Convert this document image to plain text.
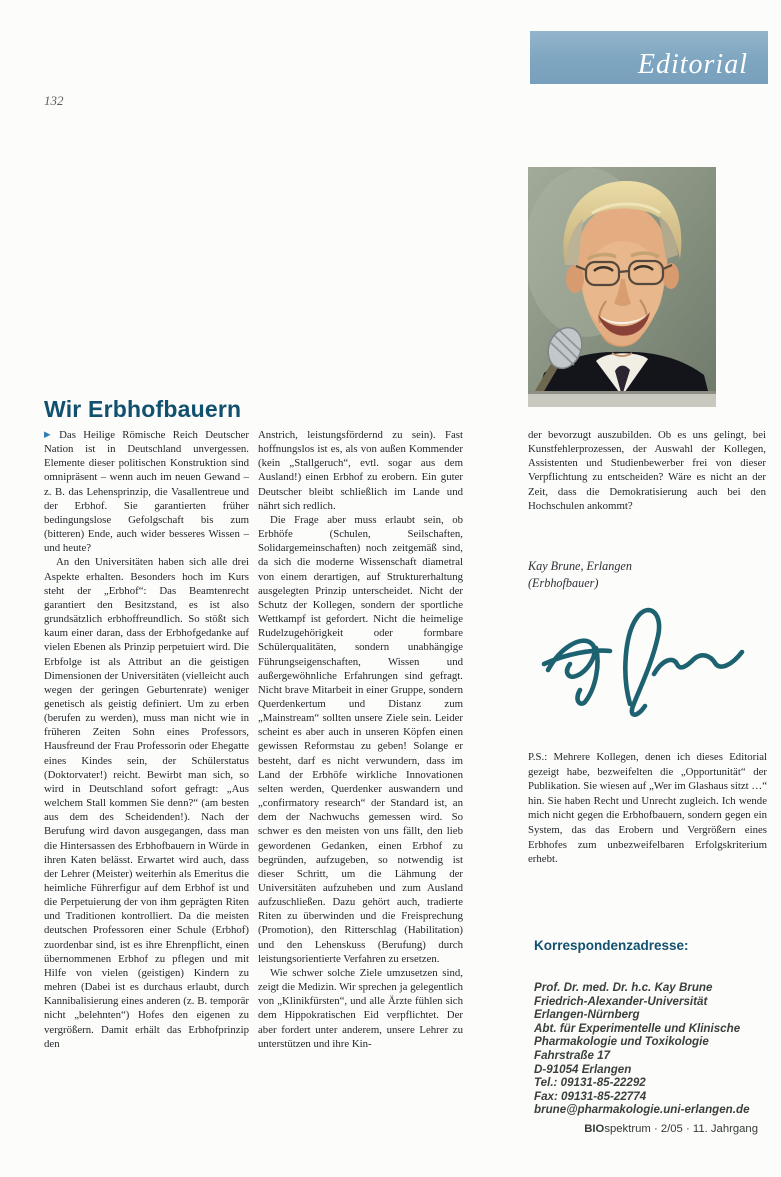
Editorial
132
Wir Erbhofbauern

▶ Das Heilige Römische Reich Deutscher Nation ist in Deutschland unvergessen. Elemente dieser politischen Konstruktion sind omnipräsent – wenn auch im neuen Gewand – z. B. das Lehensprinzip, die Vasallentreue und der Erbhof. Sie garantierten früher bedingungslose Gefolgschaft bis zum (bitteren) Ende, auch wider besseres Wissen – und heute?

An den Universitäten haben sich alle drei Aspekte erhalten. Besonders hoch im Kurs steht der „Erbhof“: Das Beamtenrecht garantiert den Besitzstand, es ist also grundsätzlich erbhoffreundlich. So stößt sich kaum einer daran, dass der Erbhofgedanke auf vielen Ebenen als Prinzip perpetuiert wird. Die Erbfolge ist als Attribut an die geistigen Dimensionen der Universitäten (vielleicht auch wegen der geringen Geburtenrate) weniger genetisch als geistig definiert. Um zu erben (berufen zu werden), muss man nicht wie in früheren Zeiten Sohn eines Professors, Hausfreund der Frau Professorin oder Ehegatte eines Kindes sein, der Schülerstatus (Doktorvater!) reicht. Bewirbt man sich, so wird in Deutschland sofort gefragt: „Aus welchem Stall kommen Sie denn?“ (am besten aus dem des Scheidenden!). Nach der Berufung wird davon ausgegangen, dass man die Hintersassen des Erbhofbauern in Würde in ihren Katen belässt. Erwartet wird auch, dass der Lehrer (Meister) weiterhin als Emeritus die heimliche Führerfigur auf dem Erbhof ist und die Perpetuierung der von ihm geprägten Riten und Traditionen kontrolliert. Da die meisten deutschen Professoren einer Schule (Erbhof) zuordenbar sind, ist es ihre Ehrenpflicht, einen übernommenen Erbhof zu pflegen und mit Hilfe von vielen (geistigen) Kindern zu mehren (Dabei ist es durchaus erlaubt, durch Kannibalisierung eines anderen (z. B. temporär nicht „belehnten“) Hofes den eigenen zu vergrößern. Damit erhält das Erbhofprinzip den

Anstrich, leistungsfördernd zu sein). Fast hoffnungslos ist es, als von außen Kommender (kein „Stallgeruch“, evtl. sogar aus dem Ausland!) einen Erbhof zu erobern. Ein guter Deutscher bleibt schließlich im Lande und nährt sich redlich.

Die Frage aber muss erlaubt sein, ob Erbhöfe (Schulen, Seilschaften, Solidargemeinschaften) noch zeitgemäß sind, da sich die moderne Wissenschaft diametral von einem derartigen, auf Strukturerhaltung ausgelegten Prinzip unterscheidet. Nicht der Schutz der Kollegen, sondern der sportliche Wettkampf ist gefordert. Nicht die heimelige Rudelzugehörigkeit oder formbare Schülerqualitäten, sondern unabhängige Führungseigenschaften, Wissen und außergewöhnliche Erfahrungen sind gefragt. Nicht brave Mitarbeit in einer Gruppe, sondern Querdenkertum und Distanz zum „Mainstream“ sollten unsere Ziele sein. Leider scheint es aber auch in unseren Köpfen einen gewissen Reformstau zu geben! Solange er besteht, darf es nicht verwundern, dass im Land der Erbhöfe wirkliche Innovationen selten werden, Querdenker auswandern und „confirmatory research“ der Standard ist, an dem der Nachwuchs gemessen wird. So schwer es den meisten von uns fällt, den lieb gewordenen Gedanken, einen Erbhof zu begründen, aufzugeben, so notwendig ist dieser Schritt, um die Lähmung der Universitäten aufzuheben und zum Ausland aufzuschließen. Dazu gehört auch, tradierte Riten zu überwinden und die Freisprechung (Promotion), den Ritterschlag (Habilitation) und den Lehenskuss (Berufung) durch leistungsorientierte Verfahren zu ersetzen.

Wie schwer solche Ziele umzusetzen sind, zeigt die Medizin. Wir sprechen ja gelegentlich von „Klinikfürsten“, und alle Ärzte fühlen sich dem Hippokratischen Eid verpflichtet. Der aber fordert unter anderem, unsere Lehrer zu unterstützen und ihre Kin-

der bevorzugt auszubilden. Ob es uns gelingt, bei Kunstfehlerprozessen, der Auswahl der Kollegen, Assistenten und Studienbewerber frei von dieser Verpflichtung zu entscheiden? Wäre es nicht an der Zeit, dass die Demokratisierung auch bei den Hochschulen ankommt?

Kay Brune, Erlangen
(Erbhofbauer)

P.S.: Mehrere Kollegen, denen ich dieses Editorial gezeigt habe, bezweifelten die „Opportunität“ der Publikation. Sie wiesen auf „Wer im Glashaus sitzt …“ hin. Sie haben Recht und Unrecht zugleich. Ich wende mich nicht gegen die Erbhofbauern, sondern gegen ein System, das das Erobern und Vergrößern eines Erbhofes zum unbezweifelbaren Erfolgskriterium erhebt.

Korrespondenzadresse:
Prof. Dr. med. Dr. h.c. Kay Brune
Friedrich-Alexander-Universität
Erlangen-Nürnberg
Abt. für Experimentelle und Klinische
Pharmakologie und Toxikologie
Fahrstraße 17
D-91054 Erlangen
Tel.: 09131-85-22292
Fax: 09131-85-22774
brune@pharmakologie.uni-erlangen.de
BIOspektrum · 2/05 · 11. Jahrgang
